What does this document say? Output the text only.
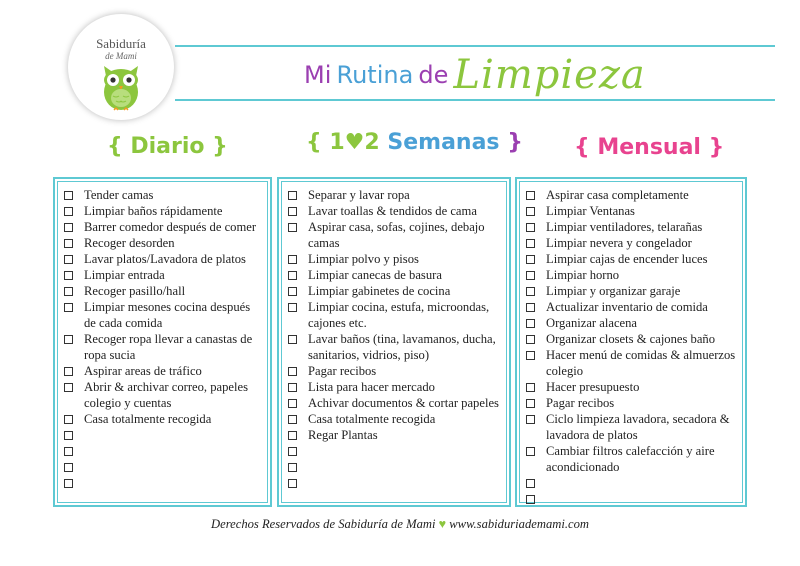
Sabiduría
de Mami
Mi Rutina de Limpieza
{ Diario }	{ 1♥2 Semanas } { Mensual }
Tender camas
Limpiar baños rápidamente
Barrer comedor después de comer
Recoger desorden
Lavar platos/Lavadora de platos
Limpiar entrada
Recoger pasillo/hall
Limpiar mesones cocina después de cada comida
Recoger ropa llevar a canastas de ropa sucia
Aspirar areas de tráfico
Abrir & archivar correo, papeles colegio y cuentas
Casa totalmente recogida

Separar y lavar ropa
Lavar toallas & tendidos de cama
Aspirar casa, sofas, cojines, debajo camas
Limpiar polvo y pisos
Limpiar canecas de basura
Limpiar gabinetes de cocina
Limpiar cocina, estufa, microondas, cajones etc.
Lavar baños (tina, lavamanos, ducha, sanitarios, vidrios, piso)
Pagar recibos
Lista para hacer mercado
Achivar documentos & cortar papeles
Casa totalmente recogida
Regar Plantas

Aspirar casa completamente
Limpiar Ventanas
Limpiar ventiladores, telarañas
Limpiar nevera y congelador
Limpiar cajas de encender luces
Limpiar horno
Limpiar y organizar garaje
Actualizar inventario de comida
Organizar alacena
Organizar closets & cajones baño
Hacer menú de comidas & almuerzos colegio
Hacer presupuesto
Pagar recibos
Ciclo limpieza lavadora, secadora & lavadora de platos
Cambiar filtros calefacción y aire acondicionado

Derechos Reservados de Sabiduría de Mami ♥ www.sabiduriademami.com
